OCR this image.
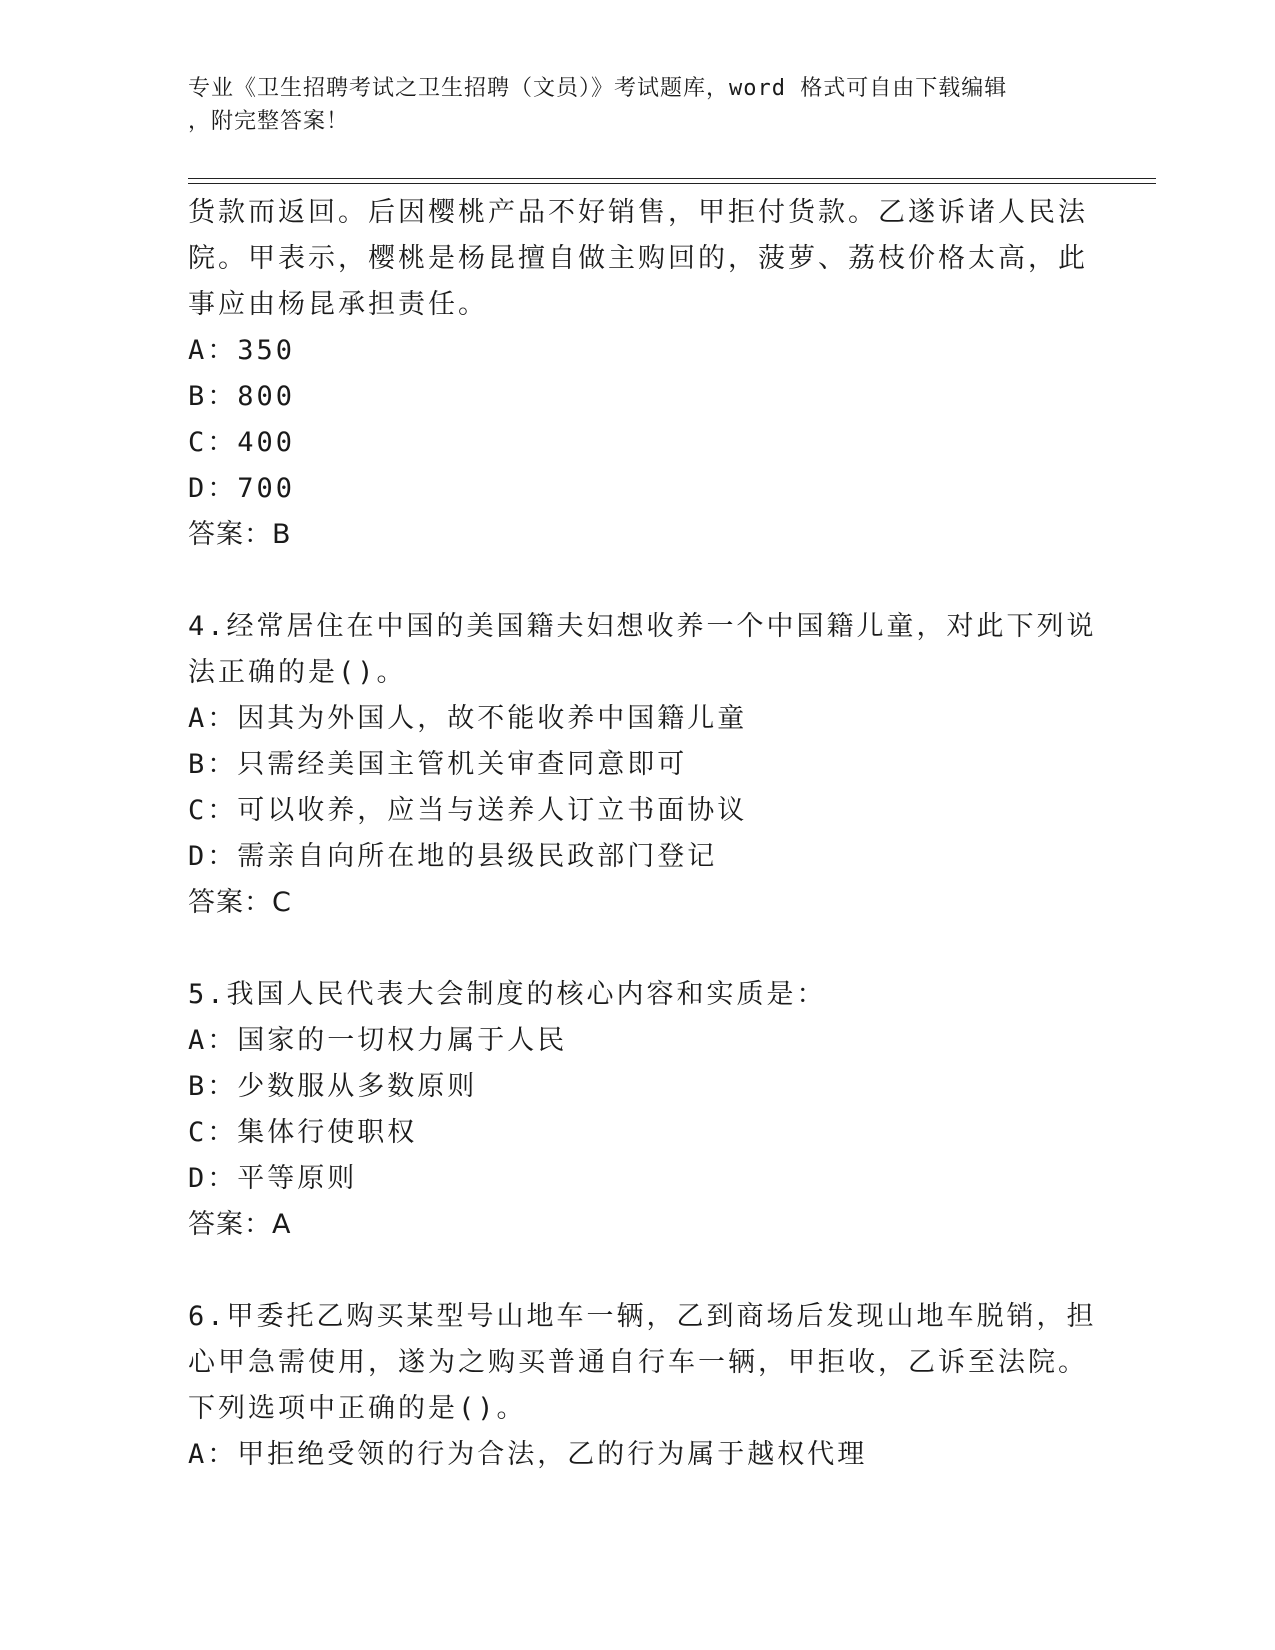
专业《卫生招聘考试之卫生招聘（文员）》考试题库，word 格式可自由下载编辑
，附完整答案！
货款而返回。后因樱桃产品不好销售，甲拒付货款。乙遂诉诸人民法
院。甲表示，樱桃是杨昆擅自做主购回的，菠萝、荔枝价格太高，此
事应由杨昆承担责任。
A：350
B：800
C：400
D：700
答案：B
4.经常居住在中国的美国籍夫妇想收养一个中国籍儿童，对此下列说
法正确的是()。
A：因其为外国人，故不能收养中国籍儿童
B：只需经美国主管机关审查同意即可
C：可以收养，应当与送养人订立书面协议
D：需亲自向所在地的县级民政部门登记
答案：C
5.我国人民代表大会制度的核心内容和实质是：
A：国家的一切权力属于人民
B：少数服从多数原则
C：集体行使职权
D：平等原则
答案：A
6.甲委托乙购买某型号山地车一辆，乙到商场后发现山地车脱销，担
心甲急需使用，遂为之购买普通自行车一辆，甲拒收，乙诉至法院。
下列选项中正确的是()。
A：甲拒绝受领的行为合法，乙的行为属于越权代理
